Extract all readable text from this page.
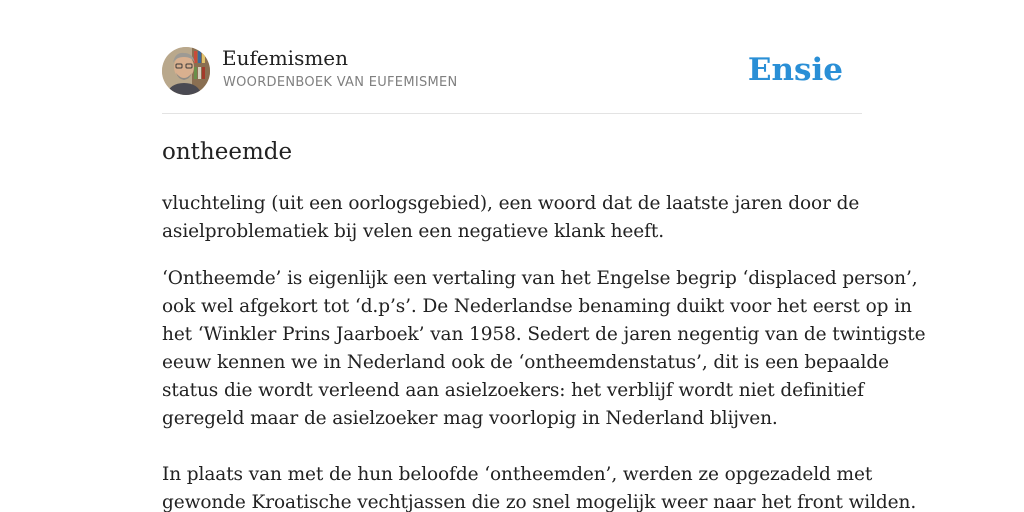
Eufemismen
WOORDENBOEK VAN EUFEMISMEN	Ensie
ontheemde
vluchteling (uit een oorlogsgebied), een woord dat de laatste jaren door de
asielproblematiek bij velen een negatieve klank heeft.
‘Ontheemde’ is eigenlijk een vertaling van het Engelse begrip ‘displaced person’,
ook wel afgekort tot ‘d.p’s’. De Nederlandse benaming duikt voor het eerst op in
het ‘Winkler Prins Jaarboek’ van 1958. Sedert de jaren negentig van de twintigste
eeuw kennen we in Nederland ook de ‘ontheemdenstatus’, dit is een bepaalde
status die wordt verleend aan asielzoekers: het verblijf wordt niet definitief
geregeld maar de asielzoeker mag voorlopig in Nederland blijven.
In plaats van met de hun beloofde ‘ontheemden’, werden ze opgezadeld met
gewonde Kroatische vechtjassen die zo snel mogelijk weer naar het front wilden.
